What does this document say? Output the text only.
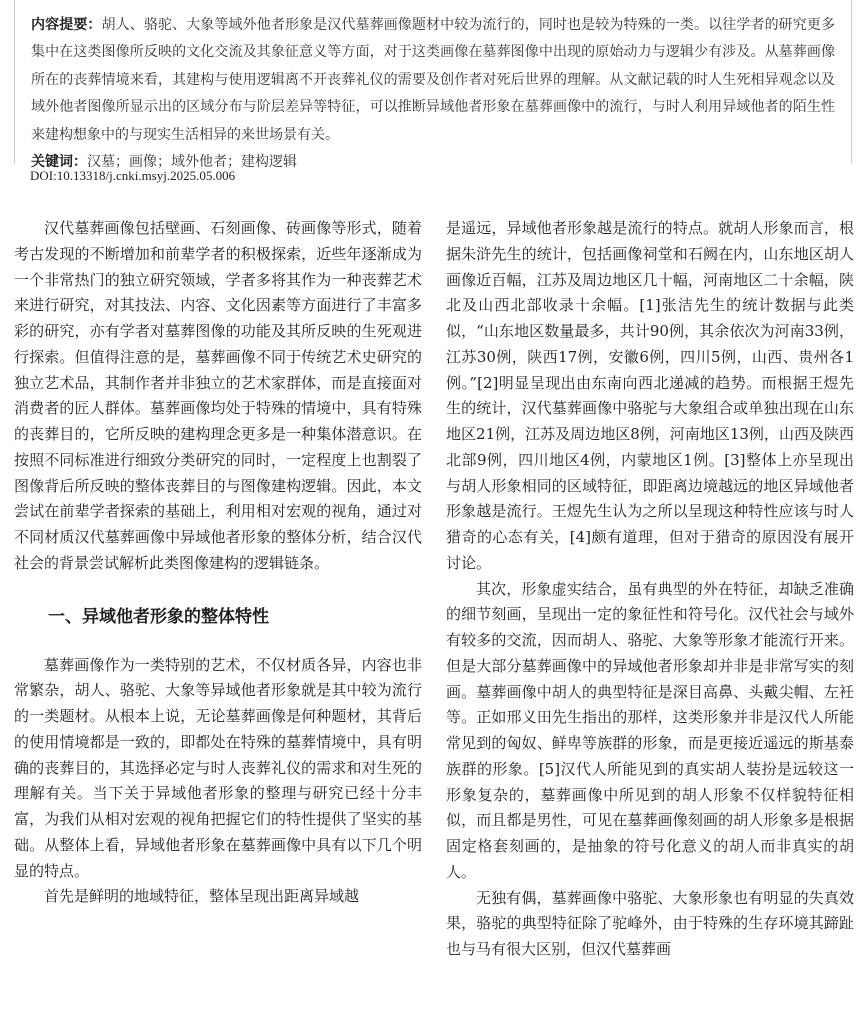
内容提要：胡人、骆驼、大象等域外他者形象是汉代墓葬画像题材中较为流行的，同时也是较为特殊的一类。以往学者的研究更多集中在这类图像所反映的文化交流及其象征意义等方面，对于这类画像在墓葬图像中出现的原始动力与逻辑少有涉及。从墓葬画像所在的丧葬情境来看，其建构与使用逻辑离不开丧葬礼仪的需要及创作者对死后世界的理解。从文献记载的时人生死相异观念以及域外他者图像所显示出的区域分布与阶层差异等特征，可以推断异域他者形象在墓葬画像中的流行，与时人利用异域他者的陌生性来建构想象中的与现实生活相异的来世场景有关。

关键词：汉墓；画像；域外他者；建构逻辑

DOI:10.13318/j.cnki.msyj.2025.05.006

汉代墓葬画像包括壁画、石刻画像、砖画像等形式，随着考古发现的不断增加和前辈学者的积极探索，近些年逐渐成为一个非常热门的独立研究领域，学者多将其作为一种丧葬艺术来进行研究，对其技法、内容、文化因素等方面进行了丰富多彩的研究，亦有学者对墓葬图像的功能及其所反映的生死观进行探索。但值得注意的是，墓葬画像不同于传统艺术史研究的独立艺术品，其制作者并非独立的艺术家群体，而是直接面对消费者的匠人群体。墓葬画像均处于特殊的情境中，具有特殊的丧葬目的，它所反映的建构理念更多是一种集体潜意识。在按照不同标准进行细致分类研究的同时，一定程度上也割裂了图像背后所反映的整体丧葬目的与图像建构逻辑。因此，本文尝试在前辈学者探索的基础上，利用相对宏观的视角，通过对不同材质汉代墓葬画像中异域他者形象的整体分析，结合汉代社会的背景尝试解析此类图像建构的逻辑链条。

一、异域他者形象的整体特性

墓葬画像作为一类特别的艺术，不仅材质各异，内容也非常繁杂，胡人、骆驼、大象等异域他者形象就是其中较为流行的一类题材。从根本上说，无论墓葬画像是何种题材，其背后的使用情境都是一致的，即都处在特殊的墓葬情境中，具有明确的丧葬目的，其选择必定与时人丧葬礼仪的需求和对生死的理解有关。当下关于异域他者形象的整理与研究已经十分丰富，为我们从相对宏观的视角把握它们的特性提供了坚实的基础。从整体上看，异域他者形象在墓葬画像中具有以下几个明显的特点。

首先是鲜明的地域特征，整体呈现出距离异域越

是遥远，异域他者形象越是流行的特点。就胡人形象而言，根据朱浒先生的统计，包括画像祠堂和石阙在内，山东地区胡人画像近百幅，江苏及周边地区几十幅，河南地区二十余幅，陕北及山西北部收录十余幅。[1]张洁先生的统计数据与此类似，“山东地区数量最多，共计90例，其余依次为河南33例，江苏30例，陕西17例，安徽6例，四川5例，山西、贵州各1例。”[2]明显呈现出由东南向西北递减的趋势。而根据王煜先生的统计，汉代墓葬画像中骆驼与大象组合或单独出现在山东地区21例，江苏及周边地区8例，河南地区13例，山西及陕西北部9例，四川地区4例，内蒙地区1例。[3]整体上亦呈现出与胡人形象相同的区域特征，即距离边境越远的地区异域他者形象越是流行。王煜先生认为之所以呈现这种特性应该与时人猎奇的心态有关，[4]颇有道理，但对于猎奇的原因没有展开讨论。

其次，形象虚实结合，虽有典型的外在特征，却缺乏准确的细节刻画，呈现出一定的象征性和符号化。汉代社会与域外有较多的交流，因而胡人、骆驼、大象等形象才能流行开来。但是大部分墓葬画像中的异域他者形象却并非是非常写实的刻画。墓葬画像中胡人的典型特征是深目高鼻、头戴尖帽、左衽等。正如邢义田先生指出的那样，这类形象并非是汉代人所能常见到的匈奴、鲜卑等族群的形象，而是更接近遥远的斯基泰族群的形象。[5]汉代人所能见到的真实胡人装扮是远较这一形象复杂的，墓葬画像中所见到的胡人形象不仅样貌特征相似，而且都是男性，可见在墓葬画像刻画的胡人形象多是根据固定格套刻画的，是抽象的符号化意义的胡人而非真实的胡人。

无独有偶，墓葬画像中骆驼、大象形象也有明显的失真效果，骆驼的典型特征除了驼峰外，由于特殊的生存环境其蹄趾也与马有很大区别，但汉代墓葬画
